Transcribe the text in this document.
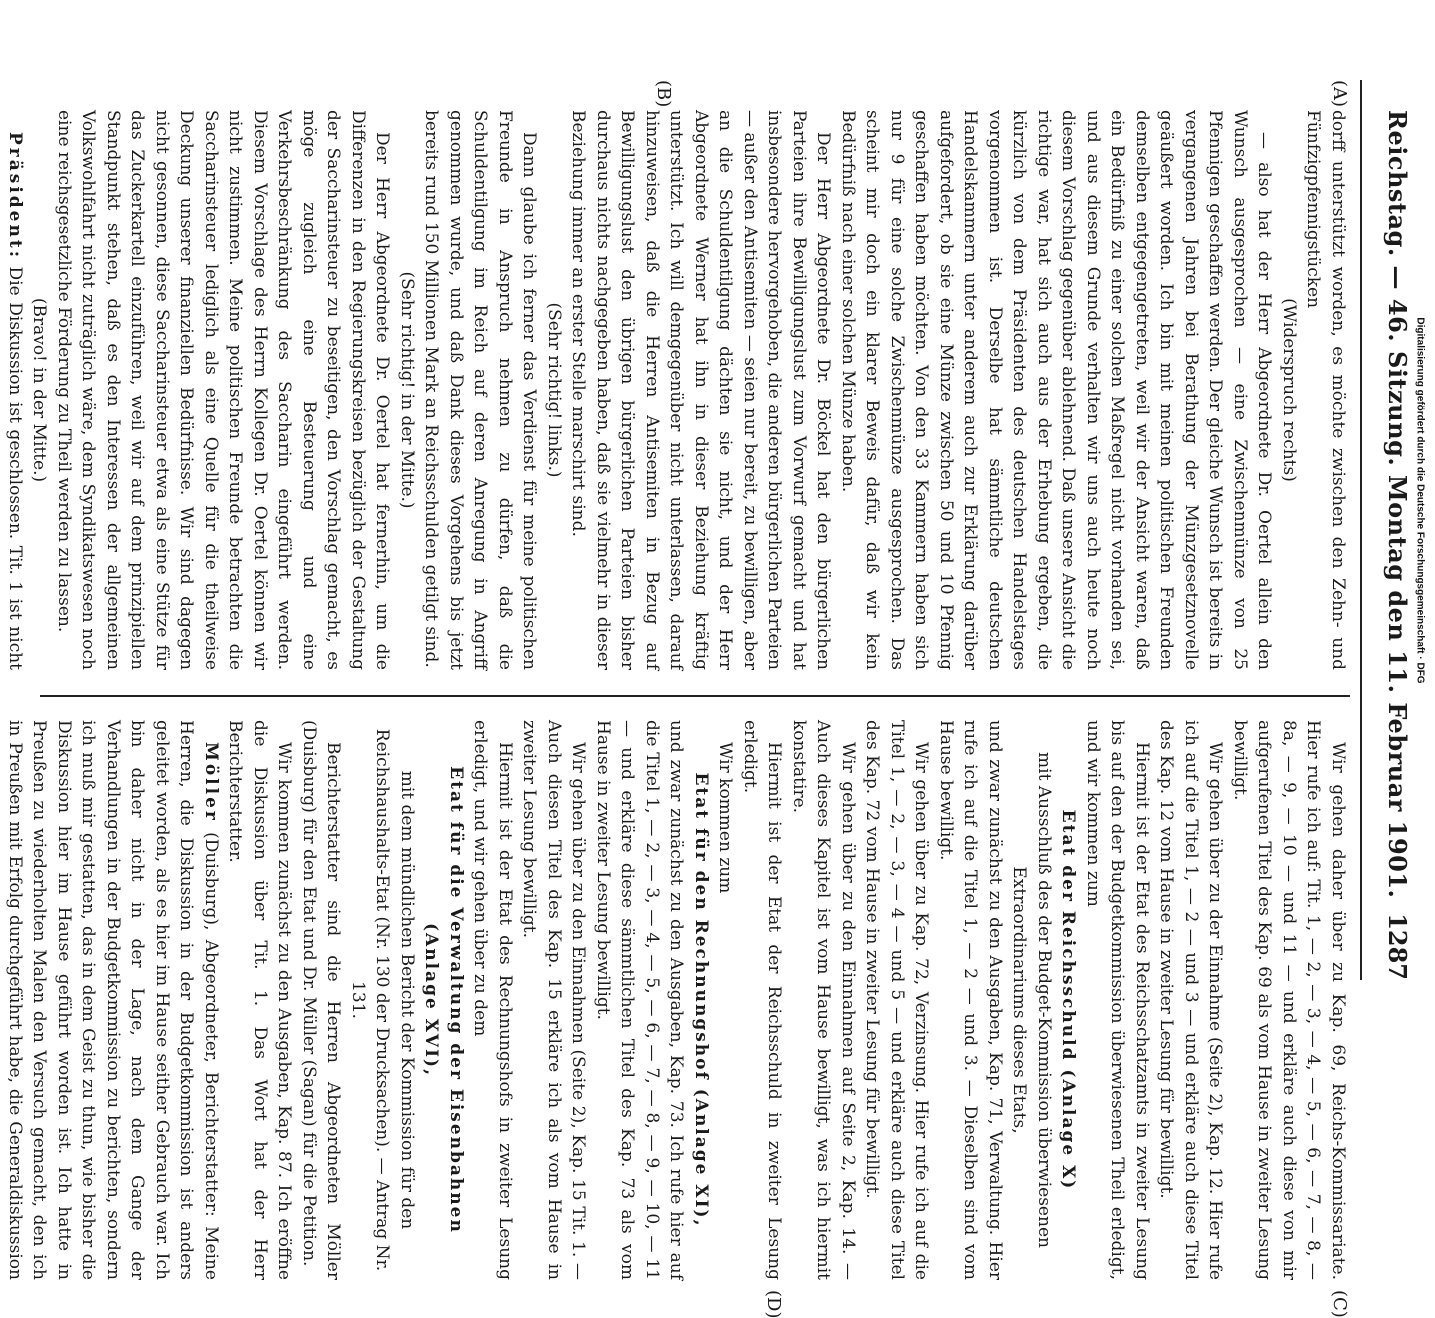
Reichstag. — 46. Sitzung. Montag den 11. Februar 1901.
1287
(A)
(B)
(C)
(D)

dorff unterstützt worden, es möchte zwischen den Zehn- und Fünfzigpfennigstücken

(Widerspruch rechts)

— also hat der Herr Abgeordnete Dr. Oertel allein den Wunsch ausgesprochen — eine Zwischenmünze von 25 Pfennigen geschaffen werden. Der gleiche Wunsch ist bereits in vergangenen Jahren bei Berathung der Münzgesetznovelle geäußert worden. Ich bin mit meinen politischen Freunden demselben entgegengetreten, weil wir der Ansicht waren, daß ein Bedürfniß zu einer solchen Maßregel nicht vorhanden sei, und aus diesem Grunde verhalten wir uns auch heute noch diesem Vorschlag gegenüber ablehnend. Daß unsere Ansicht die richtige war, hat sich auch aus der Erhebung ergeben, die kürzlich von dem Präsidenten des deutschen Handelstages vorgenommen ist. Derselbe hat sämmtliche deutschen Handelskammern unter anderem auch zur Erklärung darüber aufgefordert, ob sie eine Münze zwischen 50 und 10 Pfennig geschaffen haben möchten. Von den 33 Kammern haben sich nur 9 für eine solche Zwischenmünze ausgesprochen. Das scheint mir doch ein klarer Beweis dafür, daß wir kein Bedürfniß nach einer solchen Münze haben.

Der Herr Abgeordnete Dr. Böckel hat den bürgerlichen Parteien ihre Bewilligungslust zum Vorwurf gemacht und hat insbesondere hervorgehoben, die anderen bürgerlichen Parteien — außer den Antisemiten — seien nur bereit, zu bewilligen, aber an die Schuldentilgung dächten sie nicht, und der Herr Abgeordnete Werner hat ihn in dieser Beziehung kräftig unterstützt. Ich will demgegenüber nicht unterlassen, darauf hinzuweisen, daß die Herren Antisemiten in Bezug auf Bewilligungslust den übrigen bürgerlichen Parteien bisher durchaus nichts nachgegeben haben, daß sie vielmehr in dieser Beziehung immer an erster Stelle marschirt sind.

(Sehr richtig! links.)

Dann glaube ich ferner das Verdienst für meine politischen Freunde in Anspruch nehmen zu dürfen, daß die Schuldentilgung im Reich auf deren Anregung in Angriff genommen wurde, und daß Dank dieses Vorgehens bis jetzt bereits rund 150 Millionen Mark an Reichsschulden getilgt sind.

(Sehr richtig! in der Mitte.)

Der Herr Abgeordnete Dr. Oertel hat fernerhin, um die Differenzen in den Regierungskreisen bezüglich der Gestaltung der Saccharinsteuer zu beseitigen, den Vorschlag gemacht, es möge zugleich eine Besteuerung und eine Verkehrsbeschränkung des Saccharin eingeführt werden. Diesem Vorschlage des Herrn Kollegen Dr. Oertel können wir nicht zustimmen. Meine politischen Freunde betrachten die Saccharinsteuer lediglich als eine Quelle für die theilweise Deckung unserer finanziellen Bedürfnisse. Wir sind dagegen nicht gesonnen, diese Saccharinsteuer etwa als eine Stütze für das Zuckerkartell einzuführen, weil wir auf dem prinzipiellen Standpunkt stehen, daß es den Interessen der allgemeinen Volkswohlfahrt nicht zuträglich wäre, dem Syndikatswesen noch eine reichsgesetzliche Förderung zu Theil werden zu lassen.

(Bravo! in der Mitte.)

Präsident: Die Diskussion ist geschlossen. Tit. 1 ist nicht

Wir gehen daher über zu Kap. 69, Reichs-Kommissariate. Hier rufe ich auf: Tit. 1, — 2, — 3, — 4, — 5, — 6, — 7, — 8, — 8a, — 9, — 10 — und 11 — und erkläre auch diese von mir aufgerufenen Titel des Kap. 69 als vom Hause in zweiter Lesung bewilligt.

Wir gehen über zu der Einnahme (Seite 2), Kap. 12. Hier rufe ich auf die Titel 1, — 2 — und 3 — und erkläre auch diese Titel des Kap. 12 vom Hause in zweiter Lesung für bewilligt.

Hiermit ist der Etat des Reichsschatzamts in zweiter Lesung bis auf den der Budgetkommission überwiesenen Theil erledigt, und wir kommen zum

Etat der Reichsschuld (Anlage X)

mit Ausschluß des der Budget-Kommission überwiesenen Extraordinariums dieses Etats,

und zwar zunächst zu den Ausgaben, Kap. 71, Verwaltung. Hier rufe ich auf die Titel 1, — 2 — und 3. — Dieselben sind vom Hause bewilligt.

Wir gehen über zu Kap. 72, Verzinsung. Hier rufe ich auf die Titel 1, — 2, — 3, — 4 — und 5 — und erkläre auch diese Titel des Kap. 72 vom Hause in zweiter Lesung für bewilligt.

Wir gehen über zu den Einnahmen auf Seite 2, Kap. 14. — Auch dieses Kapitel ist vom Hause bewilligt, was ich hiermit konstatire.

Hiermit ist der Etat der Reichsschuld in zweiter Lesung erledigt.

Wir kommen zum

Etat für den Rechnungshof (Anlage XI),

und zwar zunächst zu den Ausgaben, Kap. 73. Ich rufe hier auf die Titel 1, — 2, — 3, — 4, — 5, — 6, — 7, — 8, — 9, — 10, — 11 — und erkläre diese sämmtlichen Titel des Kap. 73 als vom Hause in zweiter Lesung bewilligt.

Wir gehen über zu den Einnahmen (Seite 2), Kap. 15 Tit. 1. — Auch diesen Titel des Kap. 15 erkläre ich als vom Hause in zweiter Lesung bewilligt.

Hiermit ist der Etat des Rechnungshofs in zweiter Lesung erledigt, und wir gehen über zu dem

Etat für die Verwaltung der Eisenbahnen (Anlage XVI),

mit dem mündlichen Bericht der Kommission für den Reichshaushalts-Etat (Nr. 130 der Drucksachen). — Antrag Nr. 131.

Berichterstatter sind die Herren Abgeordneten Möller (Duisburg) für den Etat und Dr. Müller (Sagan) für die Petition.

Wir kommen zunächst zu den Ausgaben, Kap. 87. Ich eröffne die Diskussion über Tit. 1. Das Wort hat der Herr Berichterstatter.

Möller (Duisburg), Abgeordneter, Berichterstatter: Meine Herren, die Diskussion in der Budgetkommission ist anders geleitet worden, als es hier im Hause seither Gebrauch war. Ich bin daher nicht in der Lage, nach dem Gange der Verhandlungen in der Budgetkommission zu berichten, sondern ich muß mir gestatten, das in dem Geist zu thun, wie bisher die Diskussion hier im Hause geführt worden ist. Ich hatte in Preußen zu wiederholten Malen den Versuch gemacht, den ich in Preußen mit Erfolg durchgeführt habe, die Generaldiskussion

Digitalisierung gefördert durch die Deutsche Forschungsgemeinschaft · DFG
